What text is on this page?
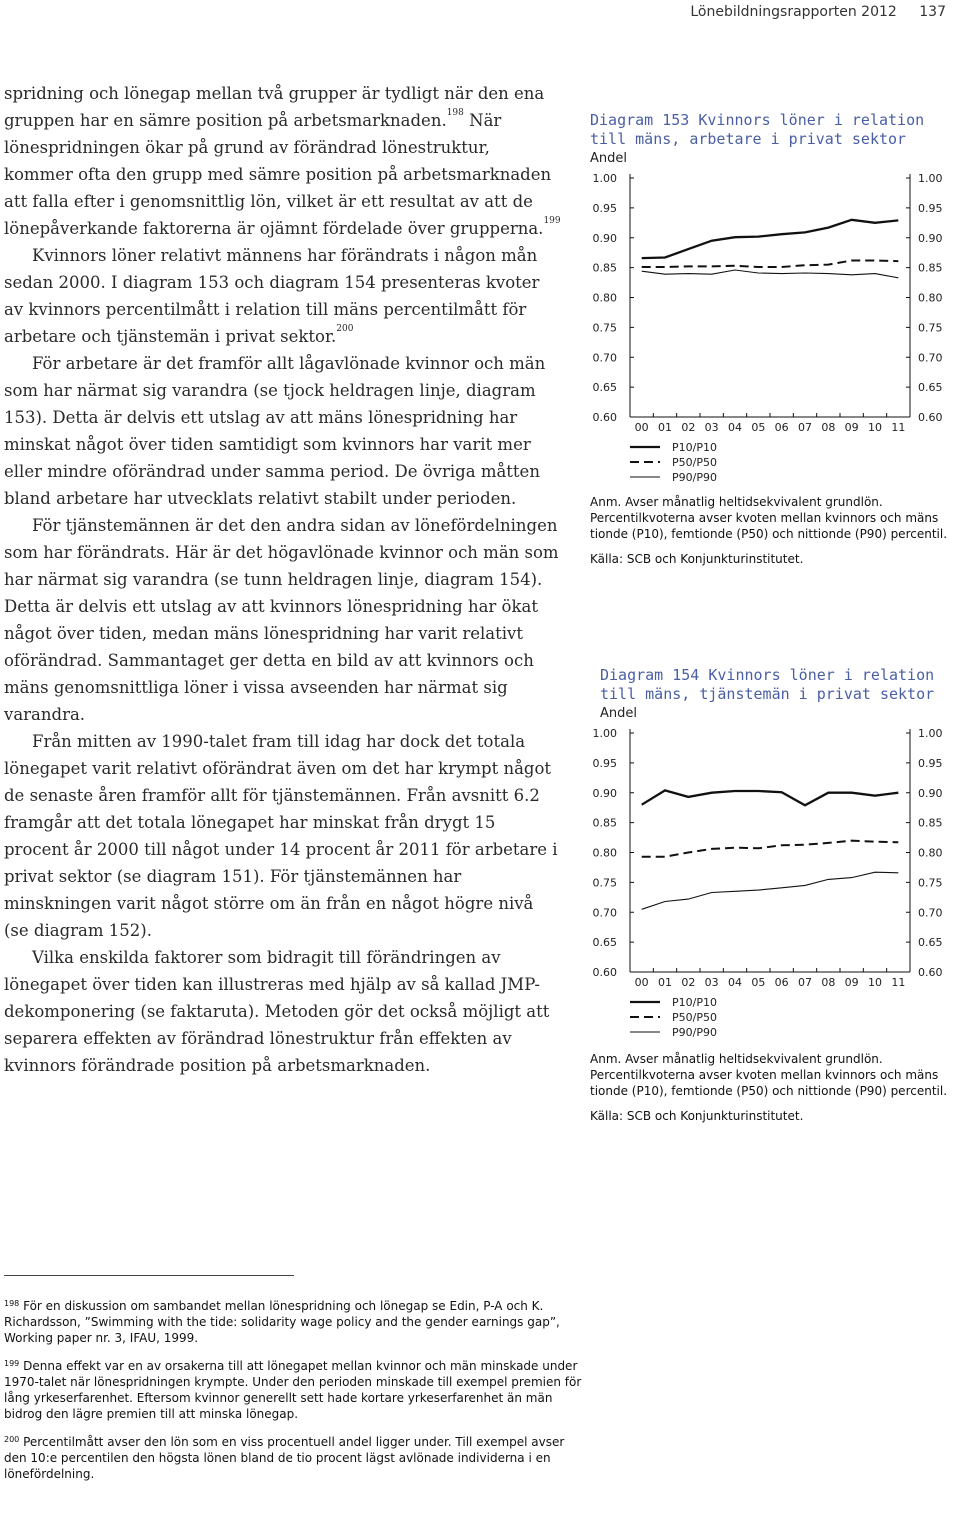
Lönebildningsrapporten 2012 137

spridning och lönegap mellan två grupper är tydligt när den ena gruppen har en sämre position på arbetsmarknaden.$^{198}$ När lönespridningen ökar på grund av förändrad lönestruktur, kommer ofta den grupp med sämre position på arbetsmarknaden att falla efter i genomsnittlig lön, vilket är ett resultat av att de lönepåverkande faktorerna är ojämnt fördelade över grupperna.$^{199}$

Kvinnors löner relativt männens har förändrats i någon mån sedan 2000. I diagram 153 och diagram 154 presenteras kvoter av kvinnors percentilmått i relation till mäns percentilmått för arbetare och tjänstemän i privat sektor.$^{200}$

För arbetare är det framför allt lågavlönade kvinnor och män som har närmat sig varandra (se tjock heldragen linje, diagram 153). Detta är delvis ett utslag av att mäns lönespridning har minskat något över tiden samtidigt som kvinnors har varit mer eller mindre oförändrad under samma period. De övriga måtten bland arbetare har utvecklats relativt stabilt under perioden.

För tjänstemännen är det den andra sidan av lönefördelningen som har förändrats. Här är det högavlönade kvinnor och män som har närmat sig varandra (se tunn heldragen linje, diagram 154). Detta är delvis ett utslag av att kvinnors lönespridning har ökat något över tiden, medan mäns lönespridning har varit relativt oförändrad. Sammantaget ger detta en bild av att kvinnors och mäns genomsnittliga löner i vissa avseenden har närmat sig varandra.

Från mitten av 1990-talet fram till idag har dock det totala lönegapet varit relativt oförändrat även om det har krympt något de senaste åren framför allt för tjänstemännen. Från avsnitt 6.2 framgår att det totala lönegapet har minskat från drygt 15 procent år 2000 till något under 14 procent år 2011 för arbetare i privat sektor (se diagram 151). För tjänstemännen har minskningen varit något större om än från en något högre nivå (se diagram 152).

Vilka enskilda faktorer som bidragit till förändringen av lönegapet över tiden kan illustreras med hjälp av så kallad JMP-dekomponering (se faktaruta). Metoden gör det också möjligt att separera effekten av förändrad lönestruktur från effekten av kvinnors förändrade position på arbetsmarknaden.

Diagram 153 Kvinnors löner i relation
till mäns, arbetare i privat sektor
Andel
0.60	0.60
0.65	0.65
0.70	0.70
0.75	0.75
0.80	0.80
0.85	0.85
0.90	0.90
0.95	0.95
1.00	1.00
00 01 02 03 04 05 06 07 08 09 10 11
P10/P10
P50/P50
P90/P90

Anm. Avser månatlig heltidsekvivalent grundlön.

Percentilkvoterna avser kvoten mellan kvinnors och mäns tionde (P10), femtionde (P50) och nittionde (P90) percentil.

Källa: SCB och Konjunkturinstitutet.
Diagram 154 Kvinnors löner i relation
till mäns, tjänstemän i privat sektor
Andel
0.60	0.60
0.65	0.65
0.70	0.70
0.75	0.75
0.80	0.80
0.85	0.85
0.90	0.90
0.95	0.95
1.00	1.00
00 01 02 03 04 05 06 07 08 09 10 11
P10/P10
P50/P50
P90/P90

Anm. Avser månatlig heltidsekvivalent grundlön.

Percentilkvoterna avser kvoten mellan kvinnors och mäns tionde (P10), femtionde (P50) och nittionde (P90) percentil.

Källa: SCB och Konjunkturinstitutet.

$^{198}$ För en diskussion om sambandet mellan lönespridning och lönegap se Edin, P-A och K. Richardsson, ”Swimming with the tide: solidarity wage policy and the gender earnings gap”, Working paper nr. 3, IFAU, 1999.

$^{199}$ Denna effekt var en av orsakerna till att lönegapet mellan kvinnor och män minskade under 1970-talet när lönespridningen krympte. Under den perioden minskade till exempel premien för lång yrkeserfarenhet. Eftersom kvinnor generellt sett hade kortare yrkeserfarenhet än män bidrog den lägre premien till att minska lönegap.

$^{200}$ Percentilmått avser den lön som en viss procentuell andel ligger under. Till exempel avser den 10:e percentilen den högsta lönen bland de tio procent lägst avlönade individerna i en lönefördelning.
